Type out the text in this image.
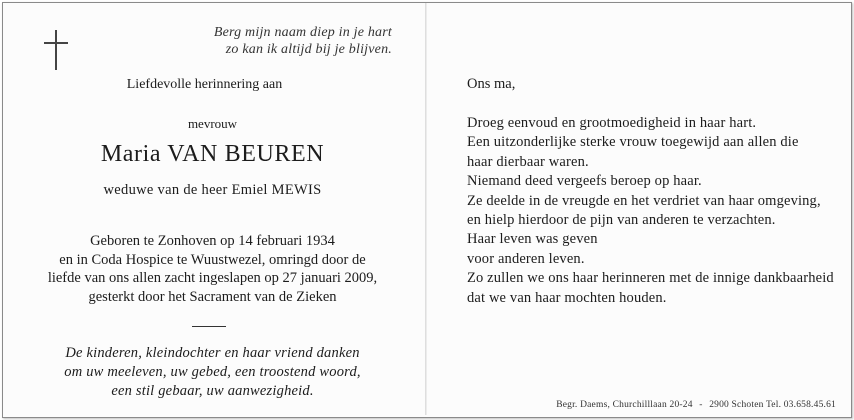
Berg mijn naam diep in je hart
zo kan ik altijd bij je blijven.
Liefdevolle herinnering aan
mevrouw
Maria VAN BEUREN
weduwe van de heer Emiel MEWIS
Geboren te Zonhoven op 14 februari 1934
en in Coda Hospice te Wuustwezel, omringd door de
liefde van ons allen zacht ingeslapen op 27 januari 2009,
gesterkt door het Sacrament van de Zieken
De kinderen, kleindochter en haar vriend danken
om uw meeleven, uw gebed, een troostend woord,
een stil gebaar, uw aanwezigheid.
Ons ma,
Droeg eenvoud en grootmoedigheid in haar hart.
Een uitzonderlijke sterke vrouw toegewijd aan allen die
haar dierbaar waren.
Niemand deed vergeefs beroep op haar.
Ze deelde in de vreugde en het verdriet van haar omgeving,
en hielp hierdoor de pijn van anderen te verzachten.
Haar leven was geven
voor anderen leven.
Zo zullen we ons haar herinneren met de innige dankbaarheid
dat we van haar mochten houden.
Begr. Daems, Churchilllaan 20-24 - 2900 Schoten Tel. 03.658.45.61
